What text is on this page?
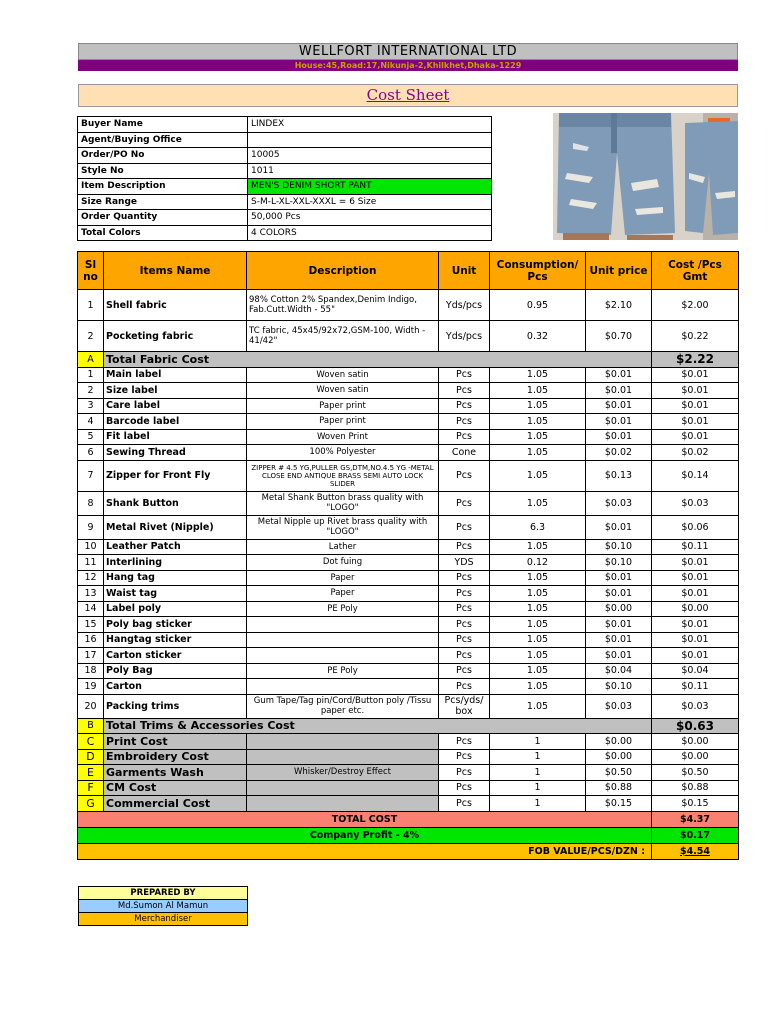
WELLFORT INTERNATIONAL LTD
House:45,Road:17,Nikunja-2,Khilkhet,Dhaka-1229
Cost Sheet
Buyer Name	LINDEX
Agent/Buying Office	
Order/PO No	10005
Style No	1011
Item Description	MEN'S DENIM SHORT PANT
Size Range	S-M-L-XL-XXL-XXXL = 6 Size
Order Quantity	50,000 Pcs
Total Colors	4 COLORS
Sl no	Items Name	Description	Unit	Consumption/ Pcs	Unit price	Cost /Pcs Gmt
1	Shell fabric	98% Cotton 2% Spandex,Denim Indigo, Fab.Cutt.Width - 55"	Yds/pcs	0.95	$2.10	$2.00
2	Pocketing fabric	TC fabric, 45x45/92x72,GSM-100, Width - 41/42"	Yds/pcs	0.32	$0.70	$0.22
A	Total Fabric Cost					$2.22
1	Main label	Woven satin	Pcs	1.05	$0.01	$0.01
2	Size label	Woven satin	Pcs	1.05	$0.01	$0.01
3	Care label	Paper print	Pcs	1.05	$0.01	$0.01
4	Barcode label	Paper print	Pcs	1.05	$0.01	$0.01
5	Fit label	Woven Print	Pcs	1.05	$0.01	$0.01
6	Sewing Thread	100% Polyester	Cone	1.05	$0.02	$0.02
7	Zipper for Front Fly	ZIPPER # 4.5 YG,PULLER GS,DTM,NO.4.5 YG -METAL CLOSE END ANTIQUE BRASS SEMI AUTO LOCK SLIDER	Pcs	1.05	$0.13	$0.14
8	Shank Button	Metal Shank Button brass quality with "LOGO"	Pcs	1.05	$0.03	$0.03
9	Metal Rivet (Nipple)	Metal Nipple up Rivet brass quality with "LOGO"	Pcs	6.3	$0.01	$0.06
10	Leather Patch	Lather	Pcs	1.05	$0.10	$0.11
11	Interlining	Dot fuing	YDS	0.12	$0.10	$0.01
12	Hang tag	Paper	Pcs	1.05	$0.01	$0.01
13	Waist tag	Paper	Pcs	1.05	$0.01	$0.01
14	Label poly	PE Poly	Pcs	1.05	$0.00	$0.00
15	Poly bag sticker		Pcs	1.05	$0.01	$0.01
16	Hangtag sticker		Pcs	1.05	$0.01	$0.01
17	Carton sticker		Pcs	1.05	$0.01	$0.01
18	Poly Bag	PE Poly	Pcs	1.05	$0.04	$0.04
19	Carton		Pcs	1.05	$0.10	$0.11
20	Packing trims	Gum Tape/Tag pin/Cord/Button poly /Tissu paper etc.	Pcs/yds/ box	1.05	$0.03	$0.03
B	Total Trims & Accessories Cost					$0.63
C	Print Cost		Pcs	1	$0.00	$0.00
D	Embroidery Cost		Pcs	1	$0.00	$0.00
E	Garments Wash	Whisker/Destroy Effect	Pcs	1	$0.50	$0.50
F	CM Cost		Pcs	1	$0.88	$0.88
G	Commercial Cost		Pcs	1	$0.15	$0.15
TOTAL COST						$4.37
Company Profit - 4%						$0.17
FOB VALUE/PCS/DZN :						$4.54
PREPARED BY
Md.Sumon Al Mamun
Merchandiser
